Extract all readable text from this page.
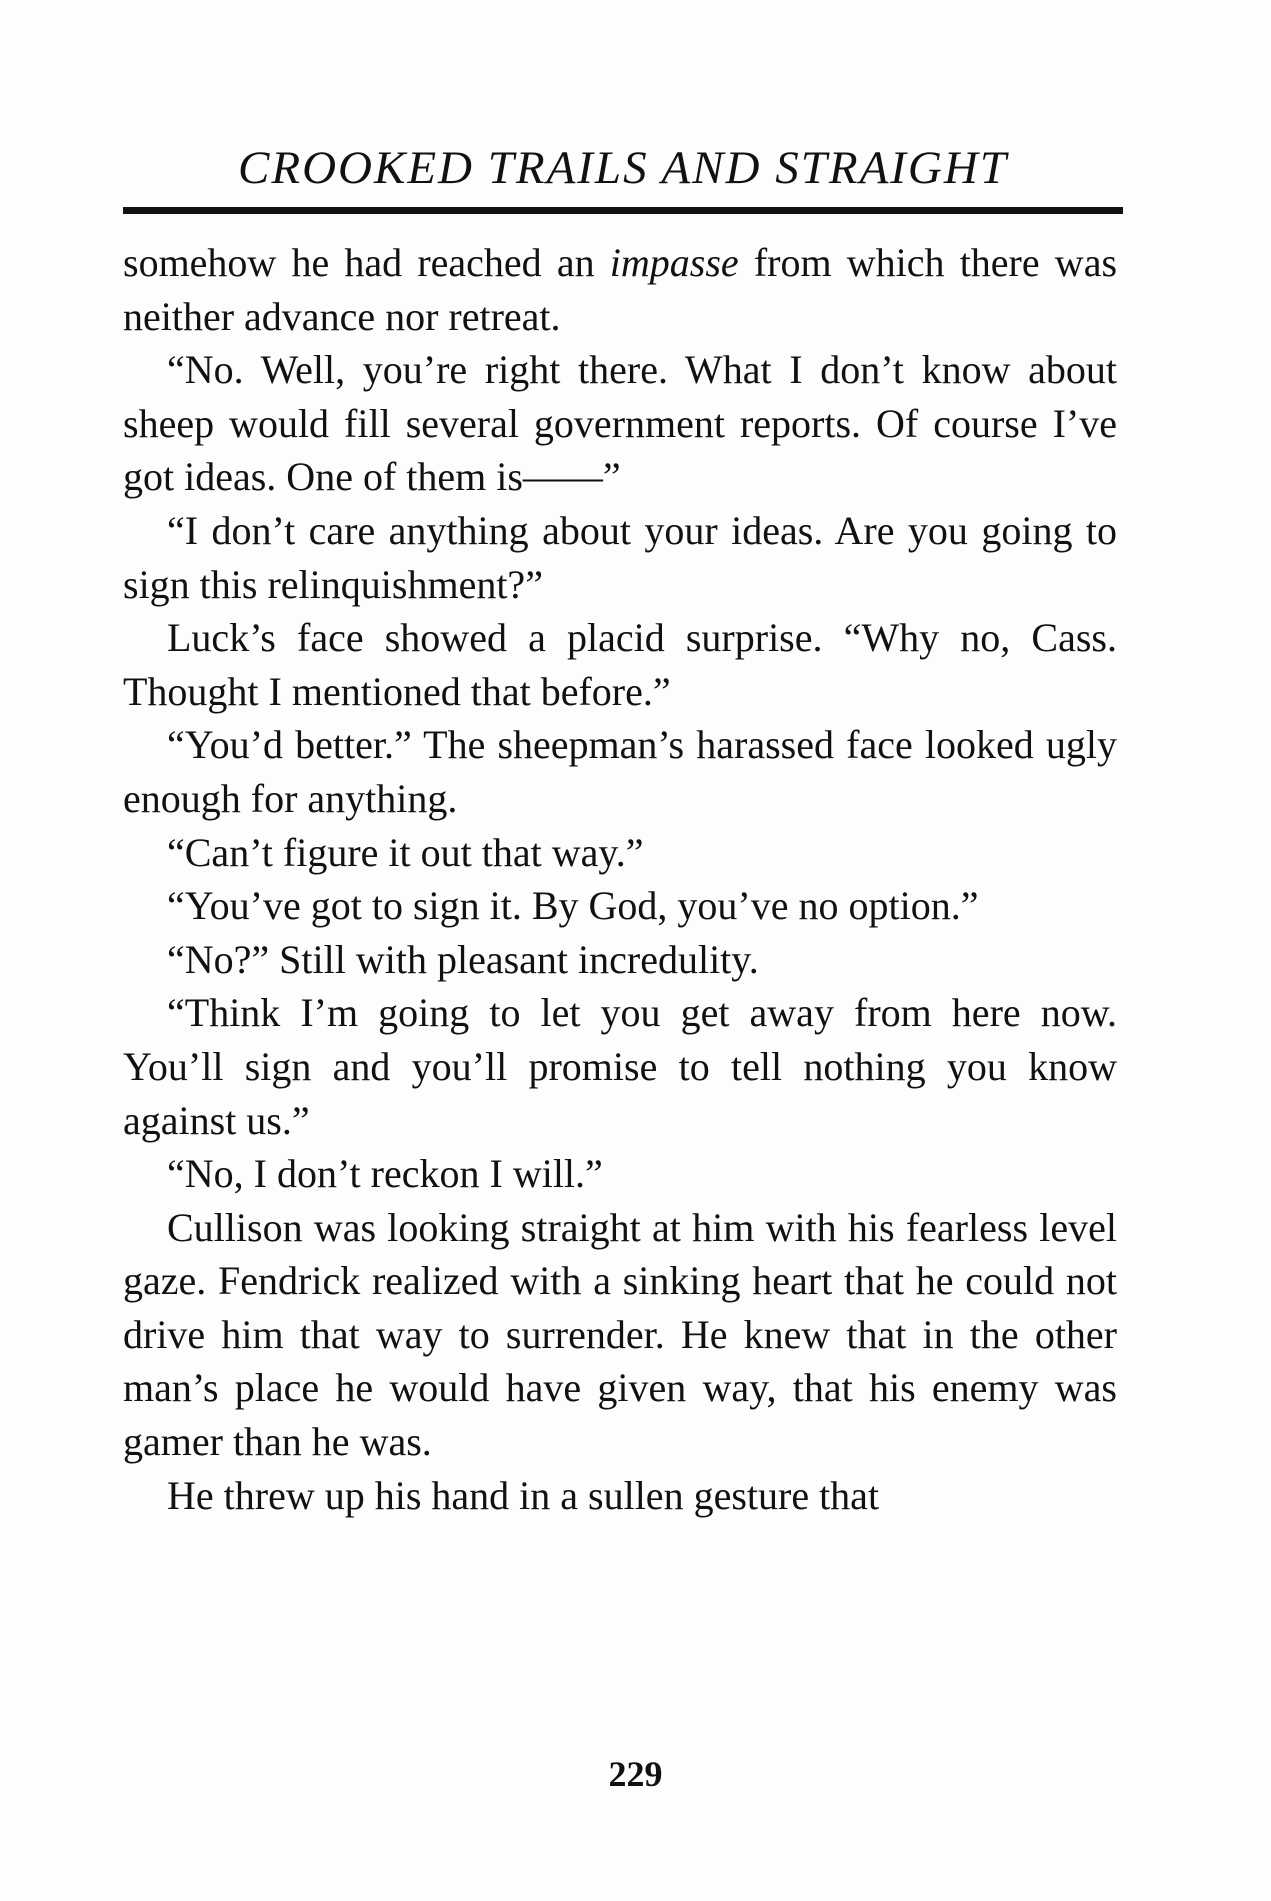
CROOKED TRAILS AND STRAIGHT

somehow he had reached an impasse from which there was neither advance nor retreat.

“No. Well, you’re right there. What I don’t know about sheep would fill several government reports. Of course I’ve got ideas. One of them is——”

“I don’t care anything about your ideas. Are you going to sign this relinquishment?”

Luck’s face showed a placid surprise. “Why no, Cass. Thought I mentioned that before.”

“You’d better.” The sheepman’s harassed face looked ugly enough for anything.

“Can’t figure it out that way.”

“You’ve got to sign it. By God, you’ve no option.”

“No?” Still with pleasant incredulity.

“Think I’m going to let you get away from here now. You’ll sign and you’ll promise to tell nothing you know against us.”

“No, I don’t reckon I will.”

Cullison was looking straight at him with his fearless level gaze. Fendrick realized with a sinking heart that he could not drive him that way to surrender. He knew that in the other man’s place he would have given way, that his enemy was gamer than he was.

He threw up his hand in a sullen gesture that

229
